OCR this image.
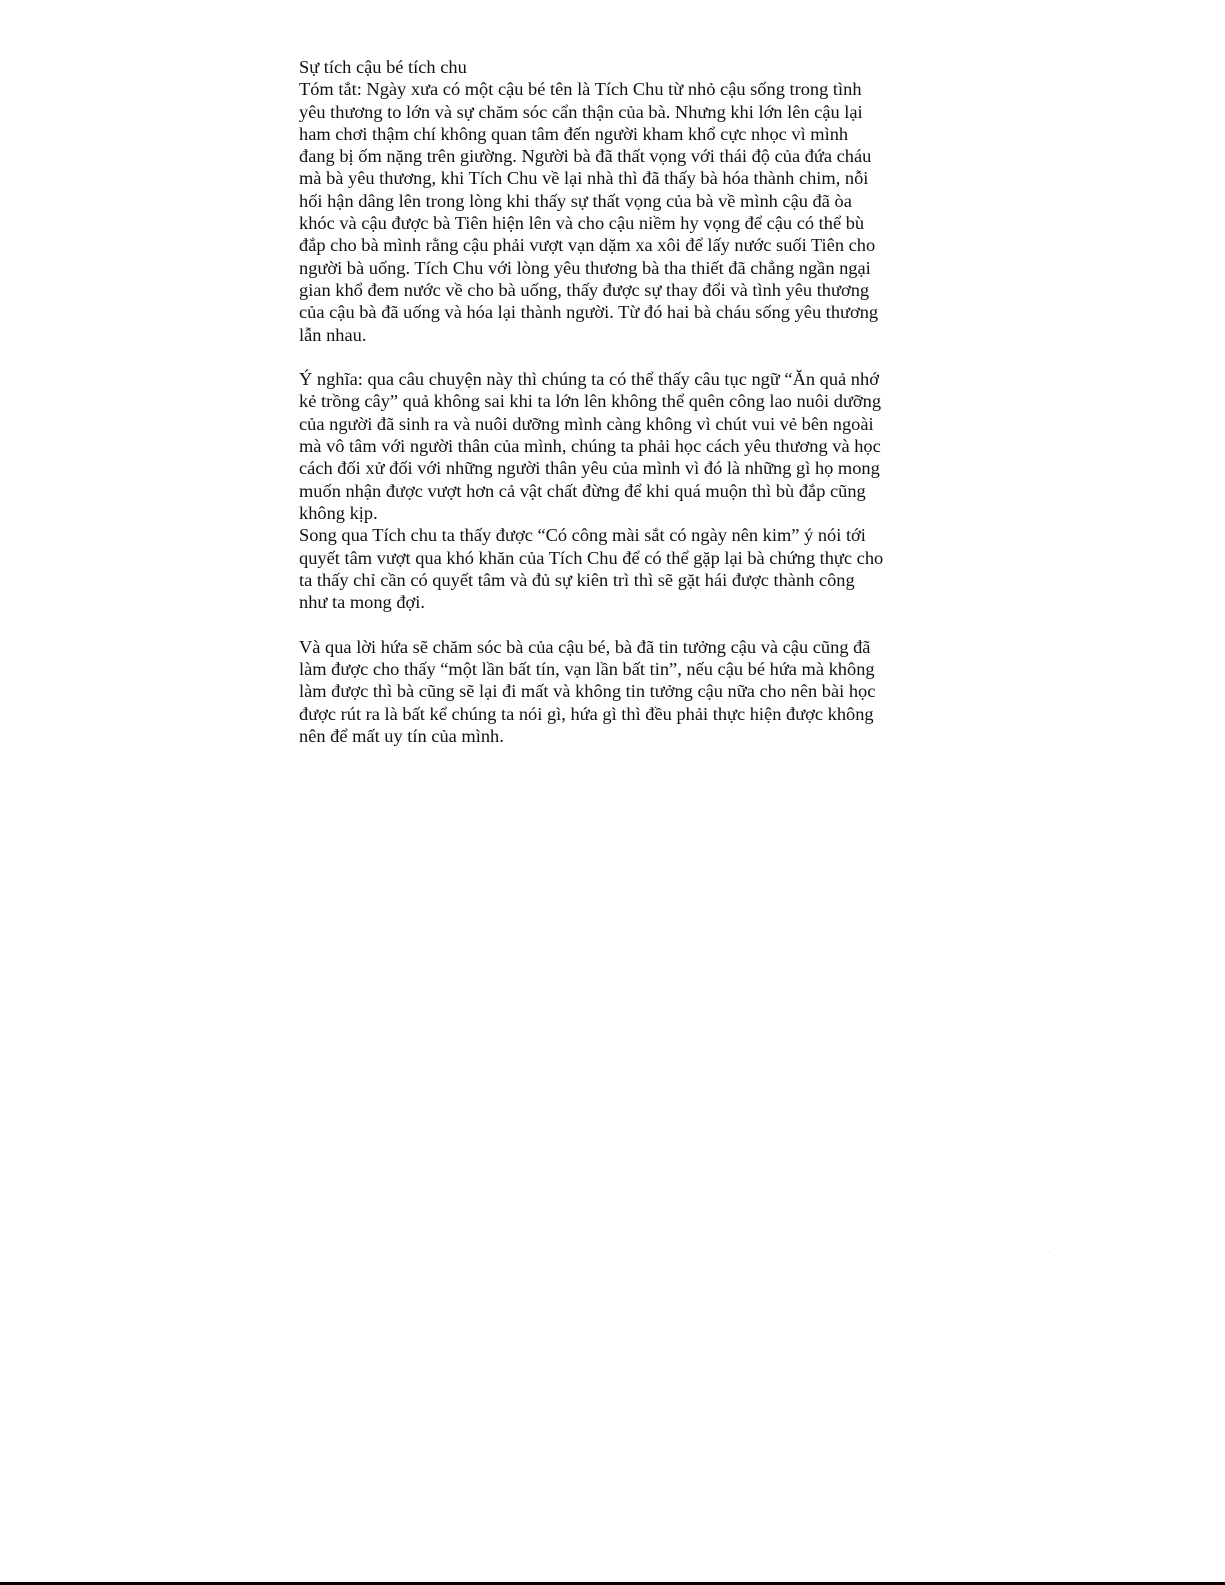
Sự tích cậu bé tích chu

Tóm tắt: Ngày xưa có một cậu bé tên là Tích Chu từ nhỏ cậu sống trong tình

yêu thương to lớn và sự chăm sóc cẩn thận của bà. Nhưng khi lớn lên cậu lại

ham chơi thậm chí không quan tâm đến người kham khổ cực nhọc vì mình

đang bị ốm nặng trên giường. Người bà đã thất vọng với thái độ của đứa cháu

mà bà yêu thương, khi Tích Chu về lại nhà thì đã thấy bà hóa thành chim, nỗi

hối hận dâng lên trong lòng khi thấy sự thất vọng của bà về mình cậu đã òa

khóc và cậu được bà Tiên hiện lên và cho cậu niềm hy vọng để cậu có thể bù

đắp cho bà mình rằng cậu phải vượt vạn dặm xa xôi để lấy nước suối Tiên cho

người bà uống. Tích Chu với lòng yêu thương bà tha thiết đã chẳng ngần ngại

gian khổ đem nước về cho bà uống, thấy được sự thay đổi và tình yêu thương

của cậu bà đã uống và hóa lại thành người. Từ đó hai bà cháu sống yêu thương

lẫn nhau.

Ý nghĩa: qua câu chuyện này thì chúng ta có thể thấy câu tục ngữ “Ăn quả nhớ

kẻ trồng cây” quả không sai khi ta lớn lên không thể quên công lao nuôi dưỡng

của người đã sinh ra và nuôi dưỡng mình càng không vì chút vui vẻ bên ngoài

mà vô tâm với người thân của mình, chúng ta phải học cách yêu thương và học

cách đối xử đối với những người thân yêu của mình vì đó là những gì họ mong

muốn nhận được vượt hơn cả vật chất đừng để khi quá muộn thì bù đắp cũng

không kịp.

Song qua Tích chu ta thấy được “Có công mài sắt có ngày nên kim” ý nói tới

quyết tâm vượt qua khó khăn của Tích Chu để có thể gặp lại bà chứng thực cho

ta thấy chỉ cần có quyết tâm và đủ sự kiên trì thì sẽ gặt hái được thành công

như ta mong đợi.

Và qua lời hứa sẽ chăm sóc bà của cậu bé, bà đã tin tưởng cậu và cậu cũng đã

làm được cho thấy “một lần bất tín, vạn lần bất tin”, nếu cậu bé hứa mà không

làm được thì bà cũng sẽ lại đi mất và không tin tưởng cậu nữa cho nên bài học

được rút ra là bất kể chúng ta nói gì, hứa gì thì đều phải thực hiện được không

nên để mất uy tín của mình.
